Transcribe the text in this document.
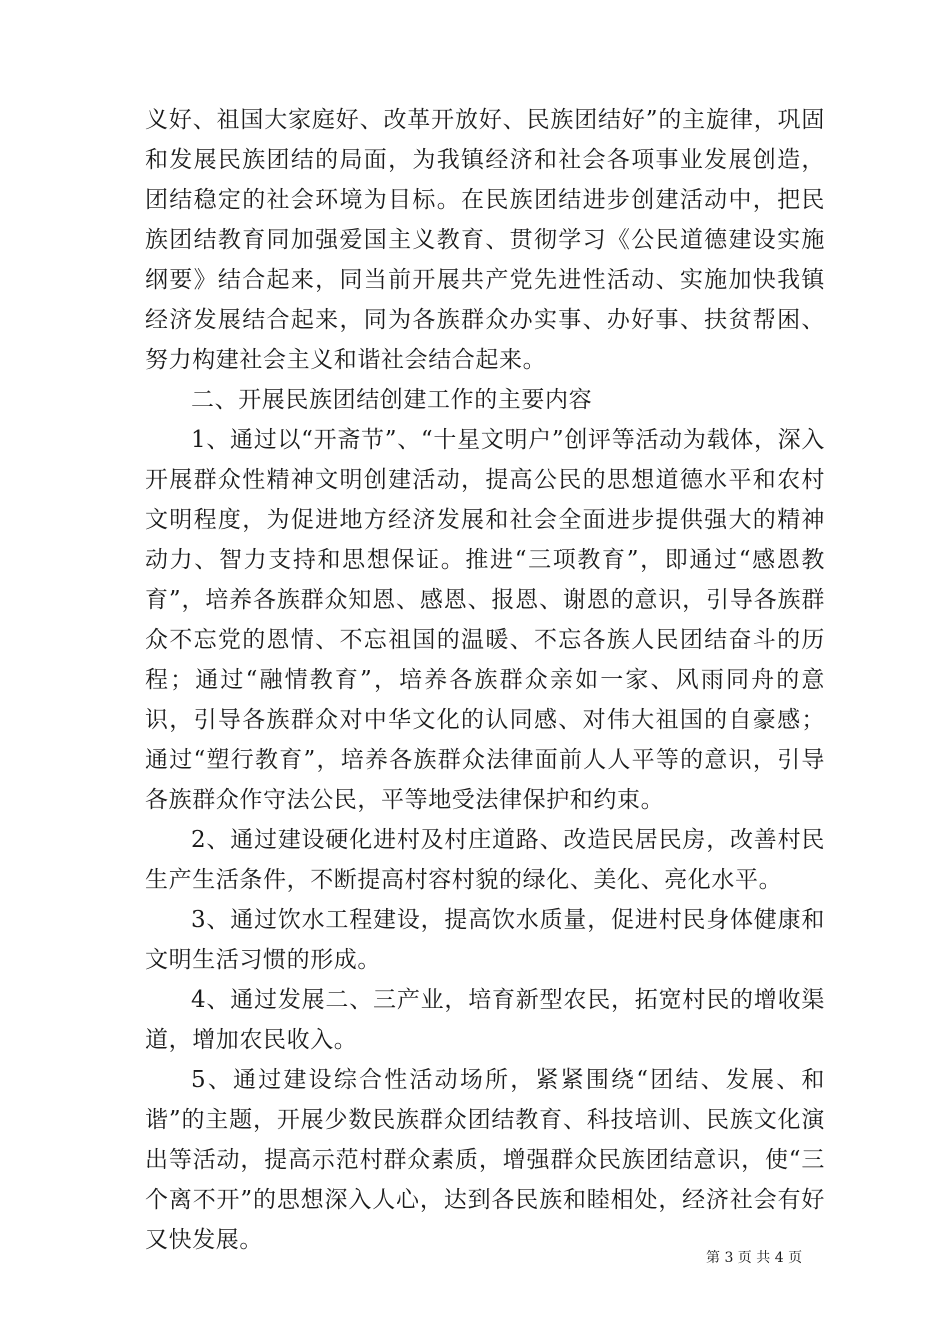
义好、祖国大家庭好、改革开放好、民族团结好”的主旋律，巩固和发展民族团结的局面，为我镇经济和社会各项事业发展创造，团结稳定的社会环境为目标。在民族团结进步创建活动中，把民族团结教育同加强爱国主义教育、贯彻学习《公民道德建设实施纲要》结合起来，同当前开展共产党先进性活动、实施加快我镇经济发展结合起来，同为各族群众办实事、办好事、扶贫帮困、努力构建社会主义和谐社会结合起来。

二、开展民族团结创建工作的主要内容

1、通过以“开斋节”、“十星文明户”创评等活动为载体，深入开展群众性精神文明创建活动，提高公民的思想道德水平和农村文明程度，为促进地方经济发展和社会全面进步提供强大的精神动力、智力支持和思想保证。推进“三项教育”，即通过“感恩教育”，培养各族群众知恩、感恩、报恩、谢恩的意识，引导各族群众不忘党的恩情、不忘祖国的温暖、不忘各族人民团结奋斗的历程；通过“融情教育”，培养各族群众亲如一家、风雨同舟的意识，引导各族群众对中华文化的认同感、对伟大祖国的自豪感；通过“塑行教育”，培养各族群众法律面前人人平等的意识，引导各族群众作守法公民，平等地受法律保护和约束。

2、通过建设硬化进村及村庄道路、改造民居民房，改善村民生产生活条件，不断提高村容村貌的绿化、美化、亮化水平。

3、通过饮水工程建设，提高饮水质量，促进村民身体健康和文明生活习惯的形成。

4、通过发展二、三产业，培育新型农民，拓宽村民的增收渠道，增加农民收入。

5、通过建设综合性活动场所，紧紧围绕“团结、发展、和谐”的主题，开展少数民族群众团结教育、科技培训、民族文化演出等活动，提高示范村群众素质，增强群众民族团结意识，使“三个离不开”的思想深入人心，达到各民族和睦相处，经济社会有好又快发展。

第 3 页 共 4 页
